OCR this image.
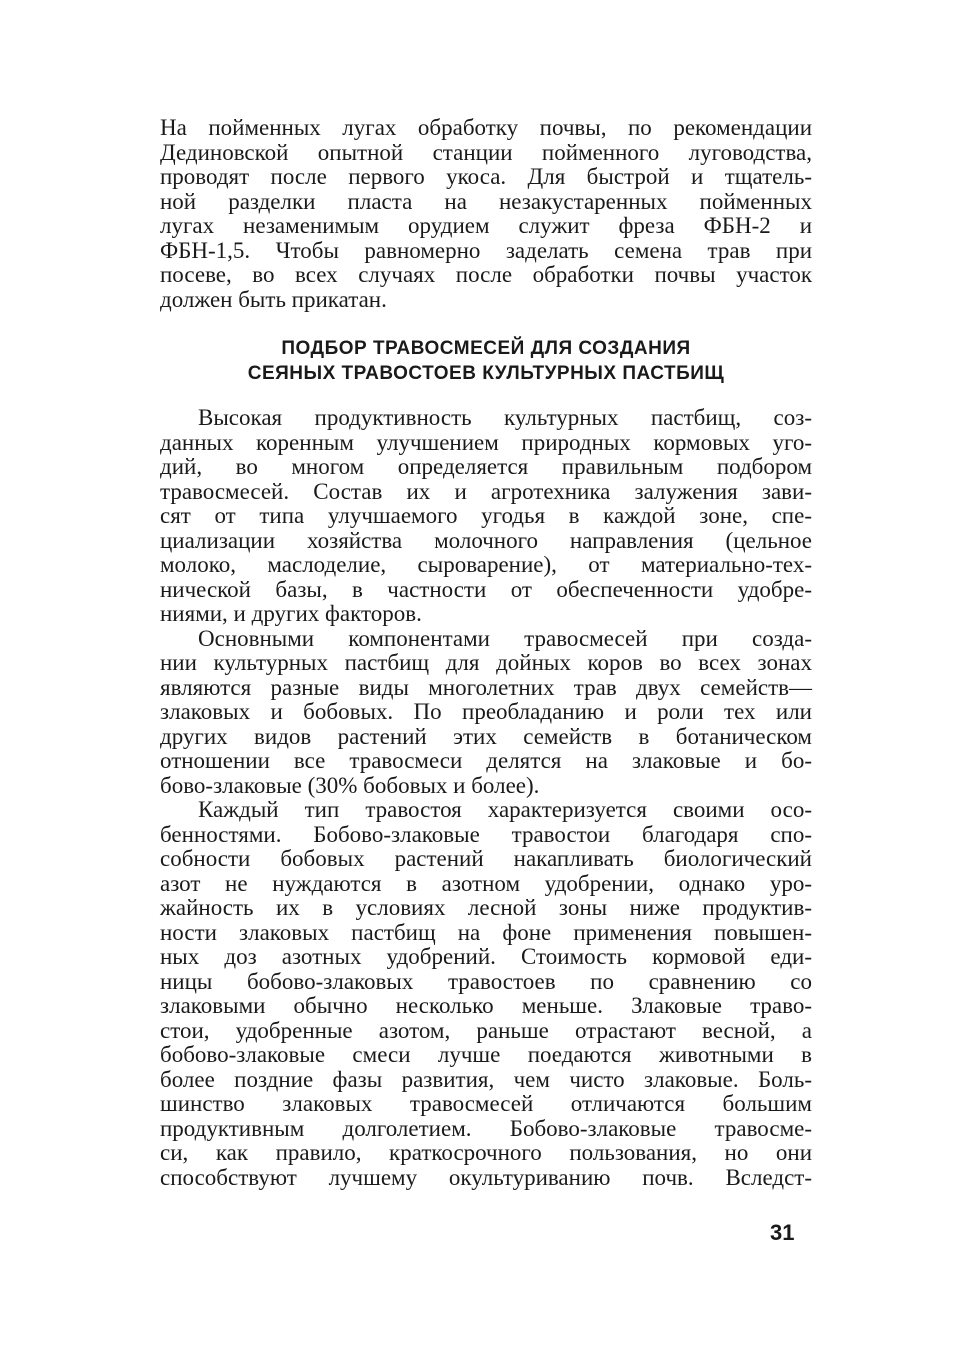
На пойменных лугах обработку почвы, по рекомендации
Дединовской опытной станции пойменного луговодства,
проводят после первого укоса. Для быстрой и тщатель-
ной разделки пласта на незакустаренных пойменных
лугах незаменимым орудием служит фреза ФБН-2 и
ФБН-1,5. Чтобы равномерно заделать семена трав при
посеве, во всех случаях после обработки почвы участок
должен быть прикатан.
ПОДБОР ТРАВОСМЕСЕЙ ДЛЯ СОЗДАНИЯ
СЕЯНЫХ ТРАВОСТОЕВ КУЛЬТУРНЫХ ПАСТБИЩ
Высокая продуктивность культурных пастбищ, соз-
данных коренным улучшением природных кормовых уго-
дий, во многом определяется правильным подбором
травосмесей. Состав их и агротехника залужения зави-
сят от типа улучшаемого угодья в каждой зоне, спе-
циализации хозяйства молочного направления (цельное
молоко, маслоделие, сыроварение), от материально-тех-
нической базы, в частности от обеспеченности удобре-
ниями, и других факторов.
Основными компонентами травосмесей при созда-
нии культурных пастбищ для дойных коров во всех зонах
являются разные виды многолетних трав двух семейств—
злаковых и бобовых. По преобладанию и роли тех или
других видов растений этих семейств в ботаническом
отношении все травосмеси делятся на злаковые и бо-
бово-злаковые (30% бобовых и более).
Каждый тип травостоя характеризуется своими осо-
бенностями. Бобово-злаковые травостои благодаря спо-
собности бобовых растений накапливать биологический
азот не нуждаются в азотном удобрении, однако уро-
жайность их в условиях лесной зоны ниже продуктив-
ности злаковых пастбищ на фоне применения повышен-
ных доз азотных удобрений. Стоимость кормовой еди-
ницы бобово-злаковых травостоев по сравнению со
злаковыми обычно несколько меньше. Злаковые траво-
стои, удобренные азотом, раньше отрастают весной, а
бобово-злаковые смеси лучше поедаются животными в
более поздние фазы развития, чем чисто злаковые. Боль-
шинство злаковых травосмесей отличаются большим
продуктивным долголетием. Бобово-злаковые травосме-
си, как правило, краткосрочного пользования, но они
способствуют лучшему окультуриванию почв. Вследст-
31
